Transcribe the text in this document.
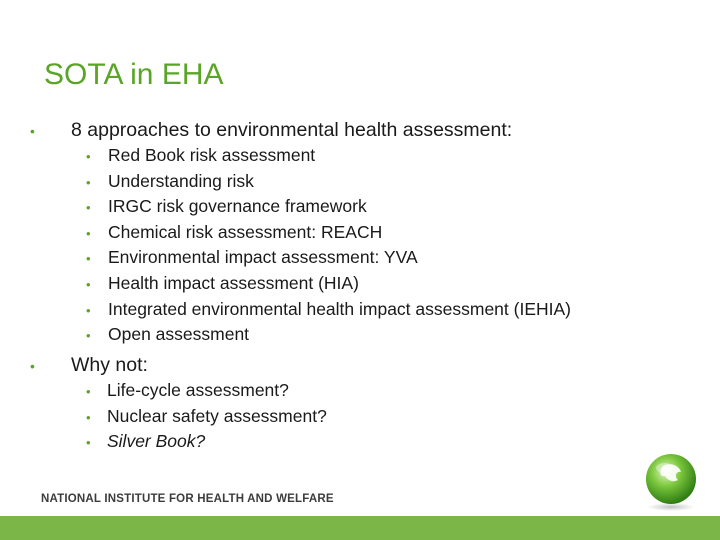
SOTA in EHA
•	8 approaches to environmental health assessment:
• Red Book risk assessment
• Understanding risk
• IRGC risk governance framework
• Chemical risk assessment: REACH
• Environmental impact assessment: YVA
• Health impact assessment (HIA)
• Integrated environmental health impact assessment (IEHIA)
• Open assessment
•	Why not:
• Life-cycle assessment?
• Nuclear safety assessment?
• Silver Book?
NATIONAL INSTITUTE FOR HEALTH AND WELFARE
